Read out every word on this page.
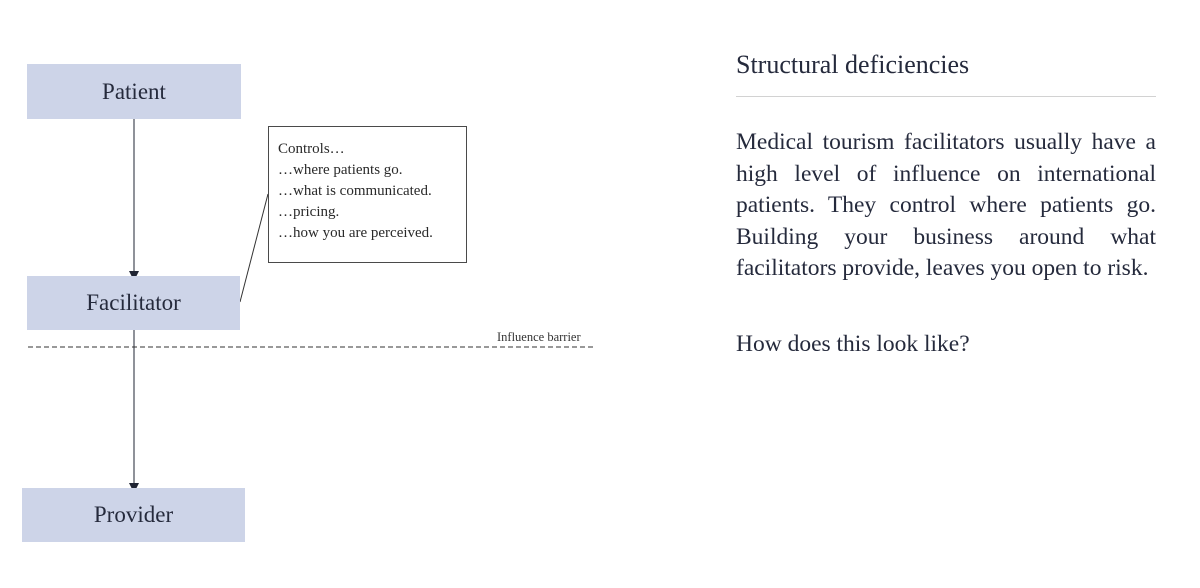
Patient
Facilitator
Provider
Controls…
…where patients go.
…what is communicated.
…pricing.
…how you are perceived.
Influence barrier
Structural deficiencies

Medical tourism facilitators usually have a high level of influence on international patients. They control where patients go. Building your business around what facilitators provide, leaves you open to risk.

How does this look like?
